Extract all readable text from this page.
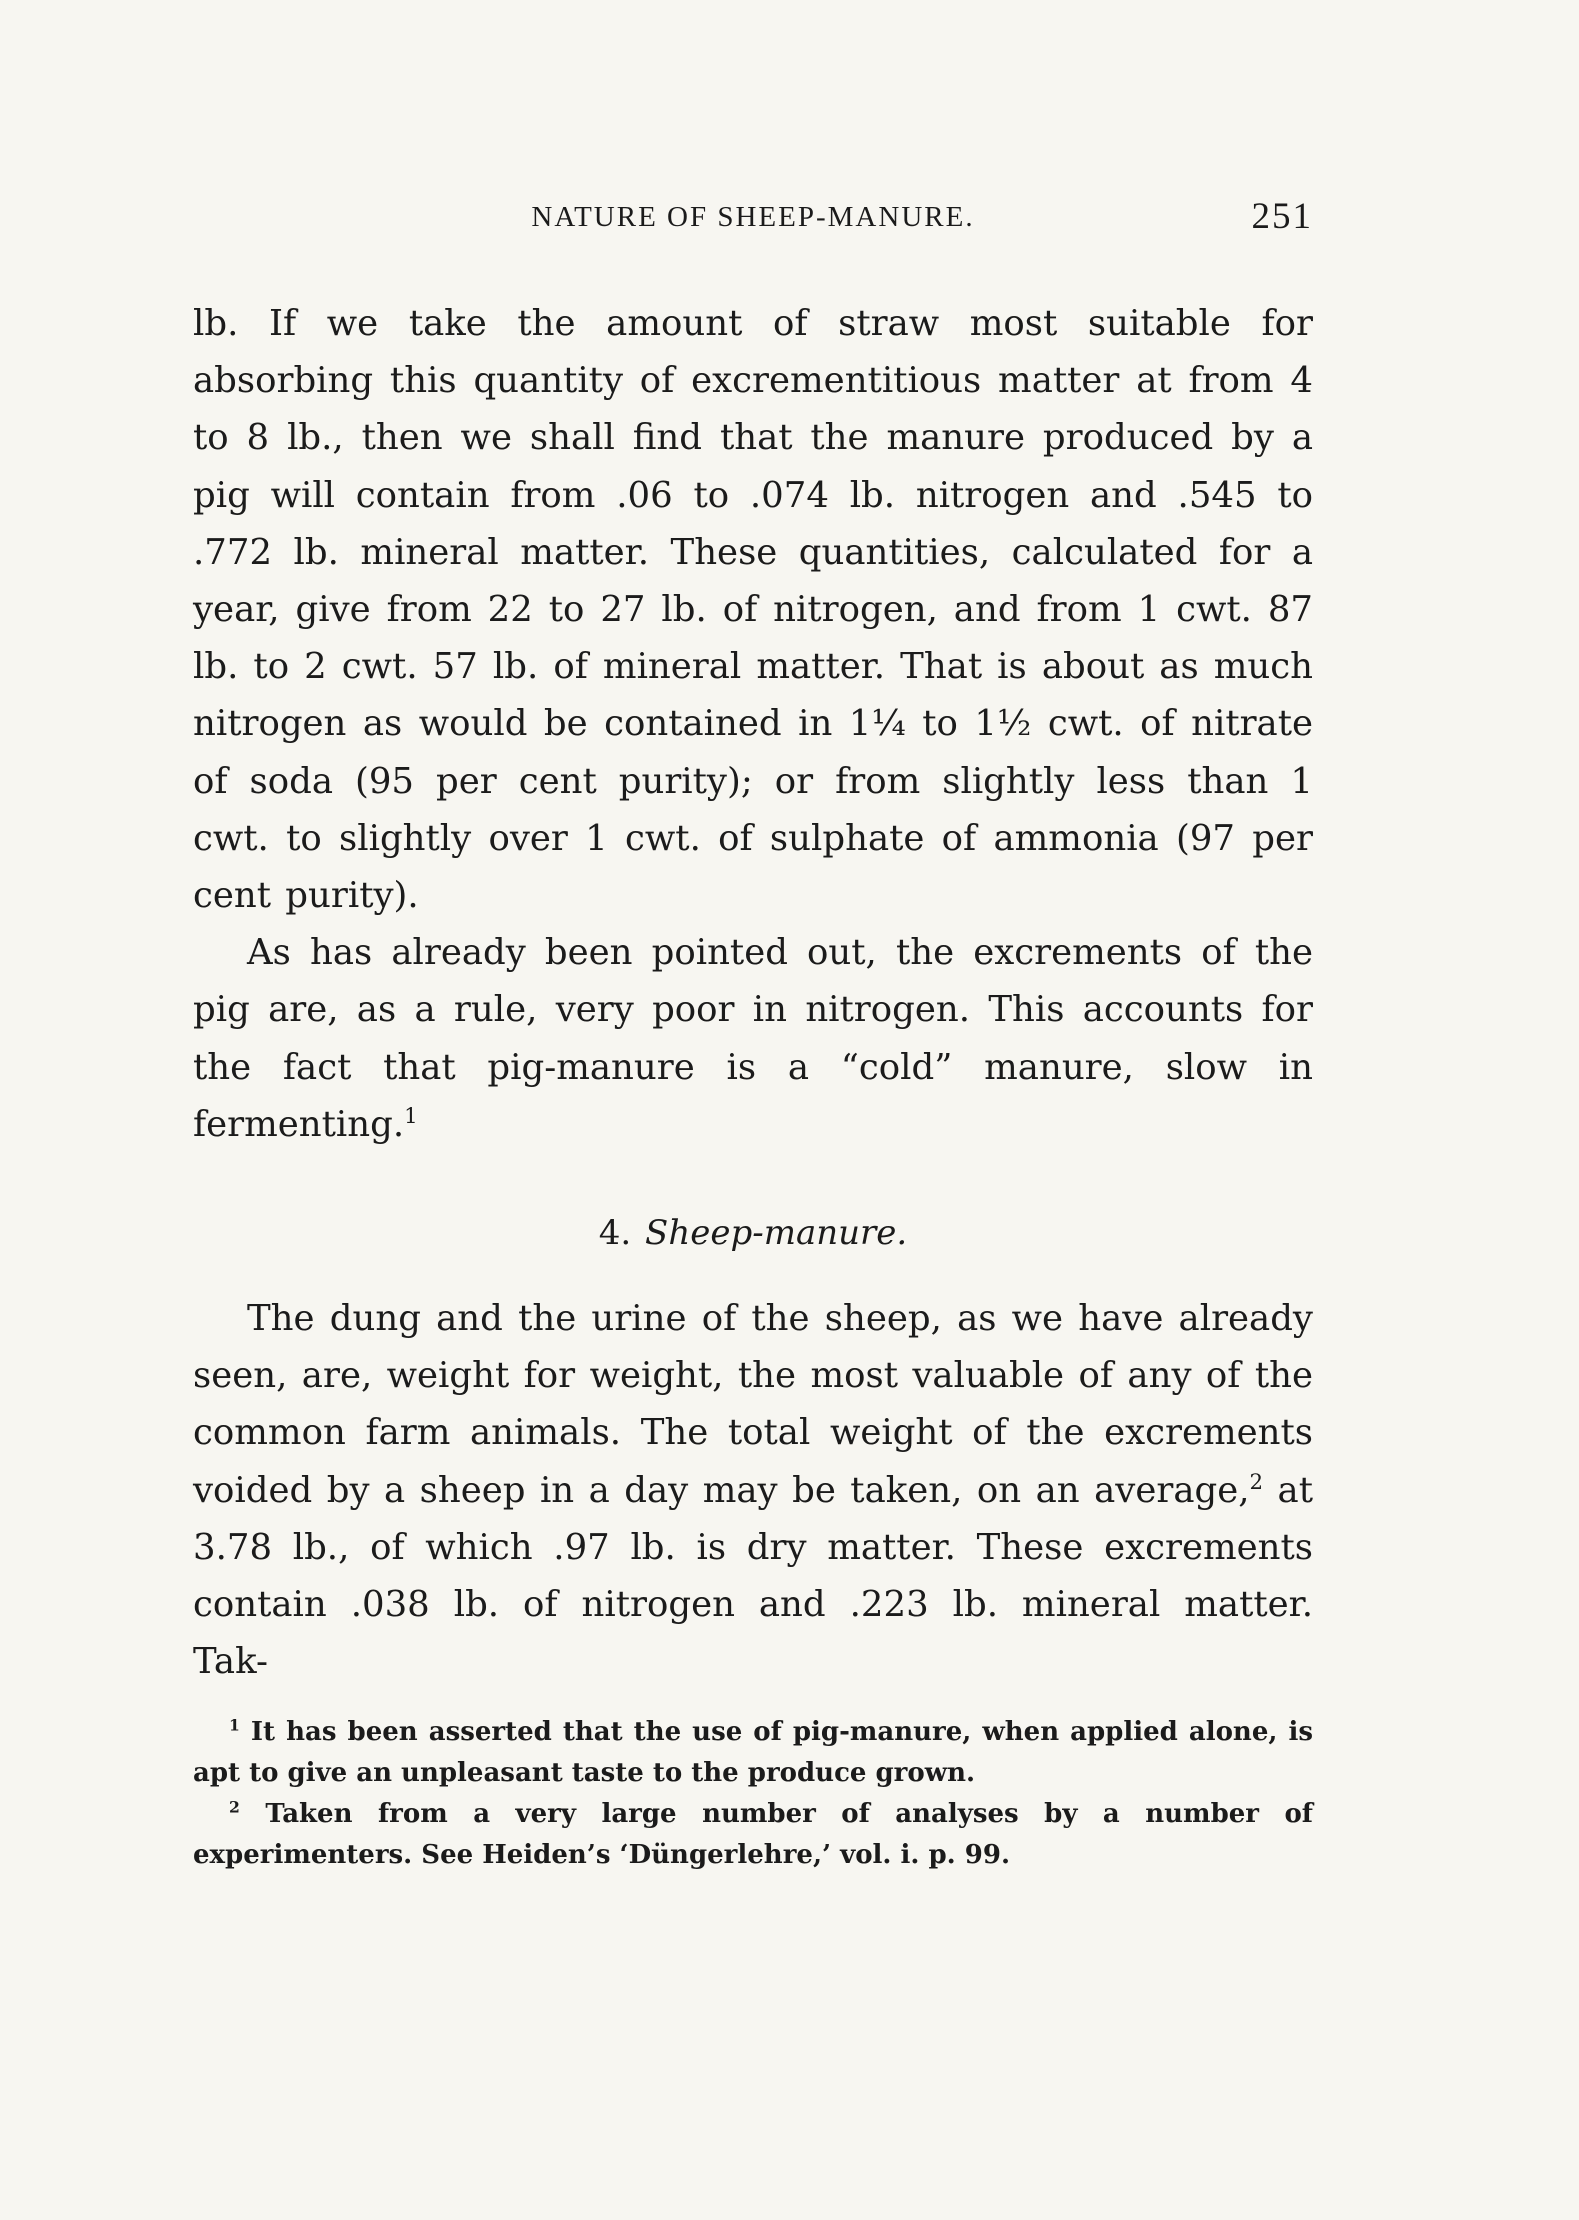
NATURE OF SHEEP-MANURE.	251

lb. If we take the amount of straw most suitable for absorbing this quantity of excrementitious matter at from 4 to 8 lb., then we shall find that the manure produced by a pig will contain from .06 to .074 lb. nitrogen and .545 to .772 lb. mineral matter. These quantities, calculated for a year, give from 22 to 27 lb. of nitrogen, and from 1 cwt. 87 lb. to 2 cwt. 57 lb. of mineral matter. That is about as much nitrogen as would be contained in 1¼ to 1½ cwt. of nitrate of soda (95 per cent purity); or from slightly less than 1 cwt. to slightly over 1 cwt. of sulphate of ammonia (97 per cent purity).

As has already been pointed out, the excrements of the pig are, as a rule, very poor in nitrogen. This accounts for the fact that pig-manure is a “cold” manure, slow in fermenting.$^1$

4. Sheep-manure.

The dung and the urine of the sheep, as we have already seen, are, weight for weight, the most valuable of any of the common farm animals. The total weight of the excrements voided by a sheep in a day may be taken, on an average,$^2$ at 3.78 lb., of which .97 lb. is dry matter. These excrements contain .038 lb. of nitrogen and .223 lb. mineral matter. Tak-

$^1$ It has been asserted that the use of pig-manure, when applied alone, is apt to give an unpleasant taste to the produce grown.

$^2$ Taken from a very large number of analyses by a number of experimenters. See Heiden’s ‘Düngerlehre,’ vol. i. p. 99.
